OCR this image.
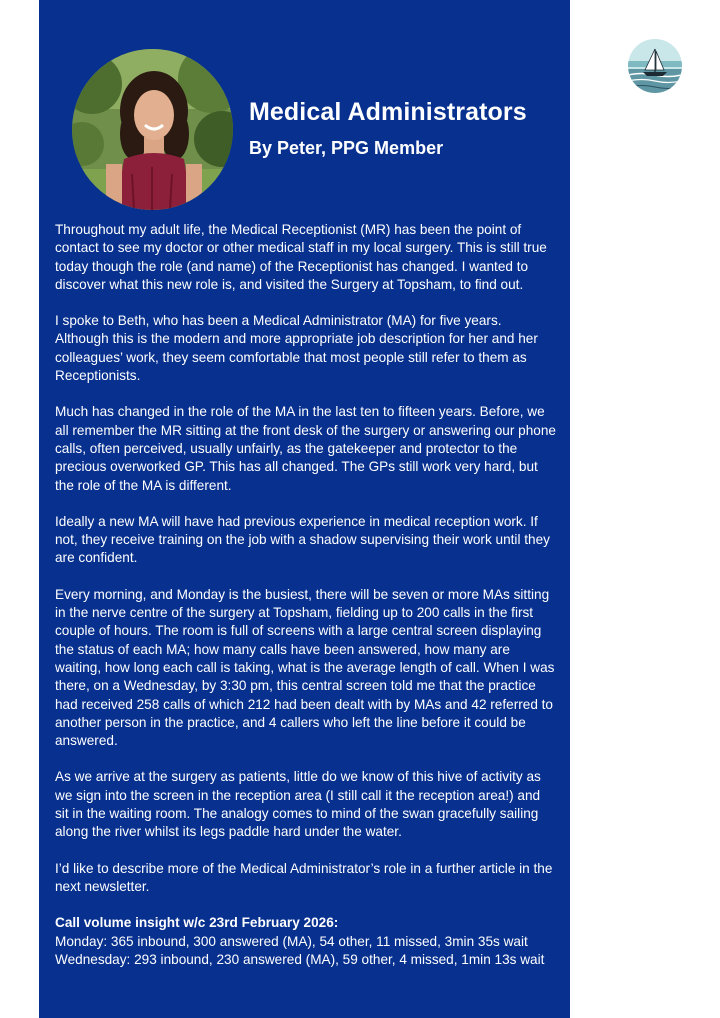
Medical Administrators
By Peter, PPG Member

Throughout my adult life, the Medical Receptionist (MR) has been the point of contact to see my doctor or other medical staff in my local surgery. This is still true today though the role (and name) of the Receptionist has changed. I wanted to discover what this new role is, and visited the Surgery at Topsham, to find out.

I spoke to Beth, who has been a Medical Administrator (MA) for five years. Although this is the modern and more appropriate job description for her and her colleagues’ work, they seem comfortable that most people still refer to them as Receptionists.

Much has changed in the role of the MA in the last ten to fifteen years. Before, we all remember the MR sitting at the front desk of the surgery or answering our phone calls, often perceived, usually unfairly, as the gatekeeper and protector to the precious overworked GP. This has all changed. The GPs still work very hard, but the role of the MA is different.

Ideally a new MA will have had previous experience in medical reception work. If not, they receive training on the job with a shadow supervising their work until they are confident.

Every morning, and Monday is the busiest, there will be seven or more MAs sitting in the nerve centre of the surgery at Topsham, fielding up to 200 calls in the first couple of hours. The room is full of screens with a large central screen displaying the status of each MA; how many calls have been answered, how many are waiting, how long each call is taking, what is the average length of call. When I was there, on a Wednesday, by 3:30 pm, this central screen told me that the practice had received 258 calls of which 212 had been dealt with by MAs and 42 referred to another person in the practice, and 4 callers who left the line before it could be answered.

As we arrive at the surgery as patients, little do we know of this hive of activity as we sign into the screen in the reception area (I still call it the reception area!) and sit in the waiting room. The analogy comes to mind of the swan gracefully sailing along the river whilst its legs paddle hard under the water.

I’d like to describe more of the Medical Administrator’s role in a further article in the next newsletter.

Call volume insight w/c 23rd February 2026:

Monday: 365 inbound, 300 answered (MA), 54 other, 11 missed, 3min 35s wait

Wednesday: 293 inbound, 230 answered (MA), 59 other, 4 missed, 1min 13s wait
